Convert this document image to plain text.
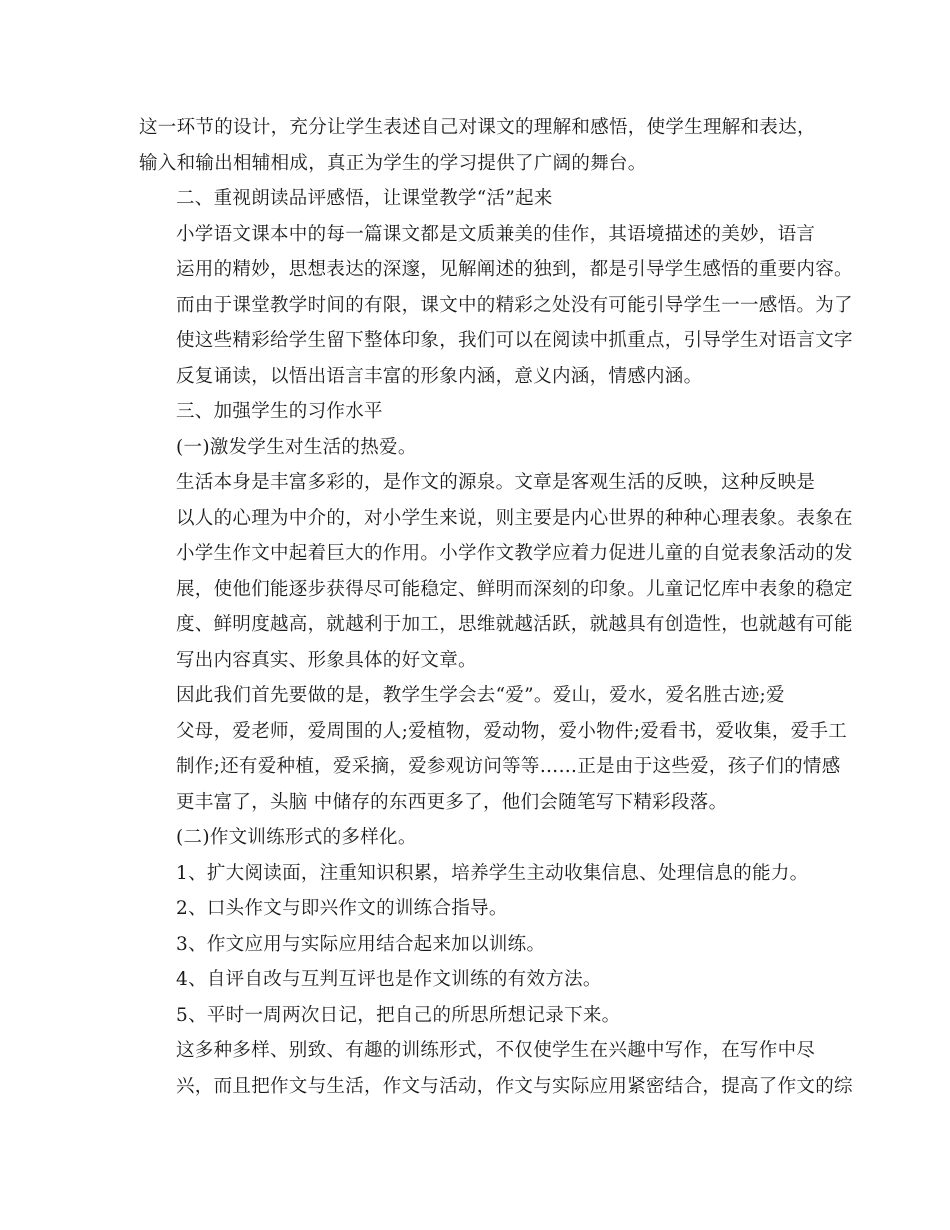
这一环节的设计，充分让学生表述自己对课文的理解和感悟，使学生理解和表达，
输入和输出相辅相成，真正为学生的学习提供了广阔的舞台。
二、重视朗读品评感悟，让课堂教学“活”起来
小学语文课本中的每一篇课文都是文质兼美的佳作，其语境描述的美妙，语言
运用的精妙，思想表达的深邃，见解阐述的独到，都是引导学生感悟的重要内容。
而由于课堂教学时间的有限，课文中的精彩之处没有可能引导学生一一感悟。为了
使这些精彩给学生留下整体印象，我们可以在阅读中抓重点，引导学生对语言文字
反复诵读，以悟出语言丰富的形象内涵，意义内涵，情感内涵。
三、加强学生的习作水平
(一)激发学生对生活的热爱。
生活本身是丰富多彩的，是作文的源泉。文章是客观生活的反映，这种反映是
以人的心理为中介的，对小学生来说，则主要是内心世界的种种心理表象。表象在
小学生作文中起着巨大的作用。小学作文教学应着力促进儿童的自觉表象活动的发
展，使他们能逐步获得尽可能稳定、鲜明而深刻的印象。儿童记忆库中表象的稳定
度、鲜明度越高，就越利于加工，思维就越活跃，就越具有创造性，也就越有可能
写出内容真实、形象具体的好文章。
因此我们首先要做的是，教学生学会去“爱”。爱山，爱水，爱名胜古迹;爱
父母，爱老师，爱周围的人;爱植物，爱动物，爱小物件;爱看书，爱收集，爱手工
制作;还有爱种植，爱采摘，爱参观访问等等……正是由于这些爱，孩子们的情感
更丰富了，头脑 中储存的东西更多了，他们会随笔写下精彩段落。
(二)作文训练形式的多样化。
1、扩大阅读面，注重知识积累，培养学生主动收集信息、处理信息的能力。
2、口头作文与即兴作文的训练合指导。
3、作文应用与实际应用结合起来加以训练。
4、自评自改与互判互评也是作文训练的有效方法。
5、平时一周两次日记，把自己的所思所想记录下来。
这多种多样、别致、有趣的训练形式，不仅使学生在兴趣中写作，在写作中尽
兴，而且把作文与生活，作文与活动，作文与实际应用紧密结合，提高了作文的综
